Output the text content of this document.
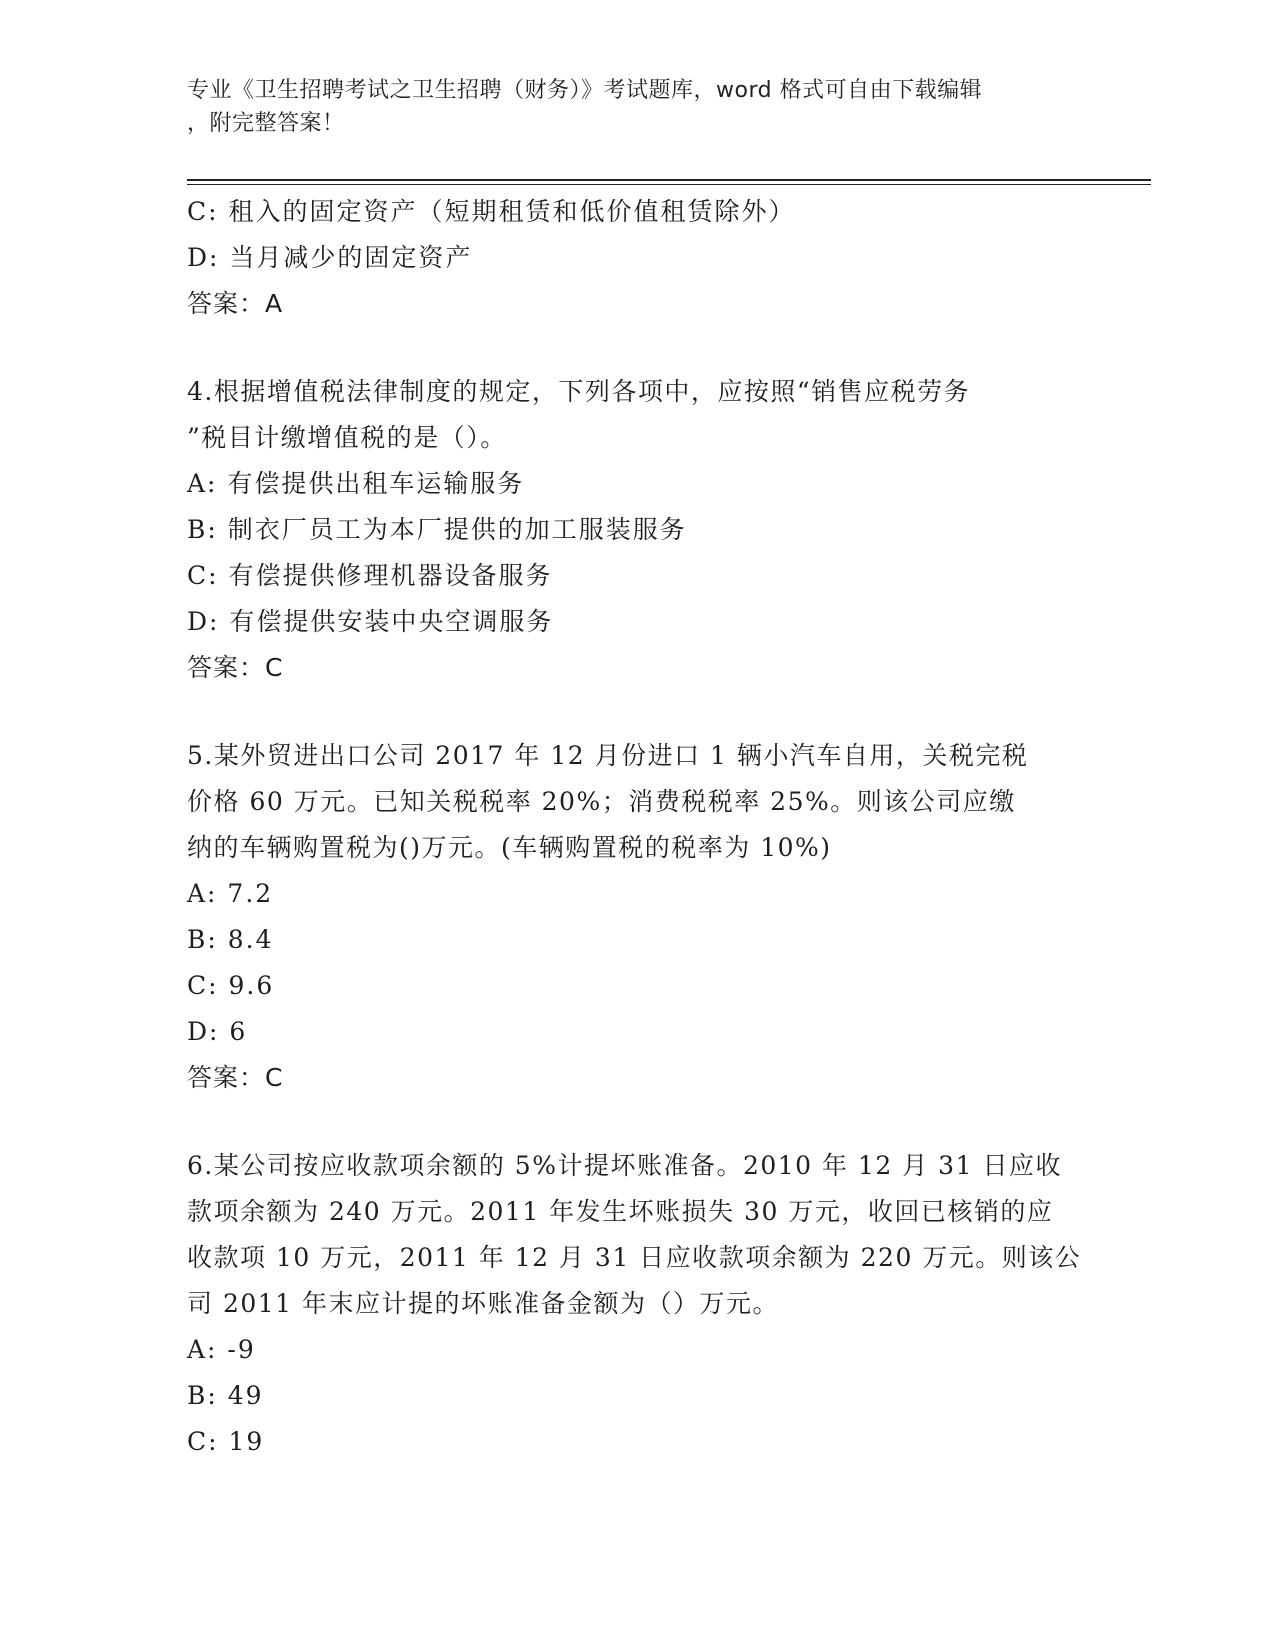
专业《卫生招聘考试之卫生招聘（财务）》考试题库，word 格式可自由下载编辑
，附完整答案！
C: 租入的固定资产（短期租赁和低价值租赁除外）
D: 当月减少的固定资产
答案：A
4.根据增值税法律制度的规定，下列各项中，应按照“销售应税劳务
”税目计缴增值税的是（）。
A: 有偿提供出租车运输服务
B: 制衣厂员工为本厂提供的加工服装服务
C: 有偿提供修理机器设备服务
D: 有偿提供安装中央空调服务
答案：C
5.某外贸进出口公司 2017 年 12 月份进口 1 辆小汽车自用，关税完税
价格 60 万元。已知关税税率 20%；消费税税率 25%。则该公司应缴
纳的车辆购置税为()万元。(车辆购置税的税率为 10%)
A: 7.2
B: 8.4
C: 9.6
D: 6
答案：C
6.某公司按应收款项余额的 5%计提坏账准备。2010 年 12 月 31 日应收
款项余额为 240 万元。2011 年发生坏账损失 30 万元，收回已核销的应
收款项 10 万元，2011 年 12 月 31 日应收款项余额为 220 万元。则该公
司 2011 年末应计提的坏账准备金额为（）万元。
A: -9
B: 49
C: 19
